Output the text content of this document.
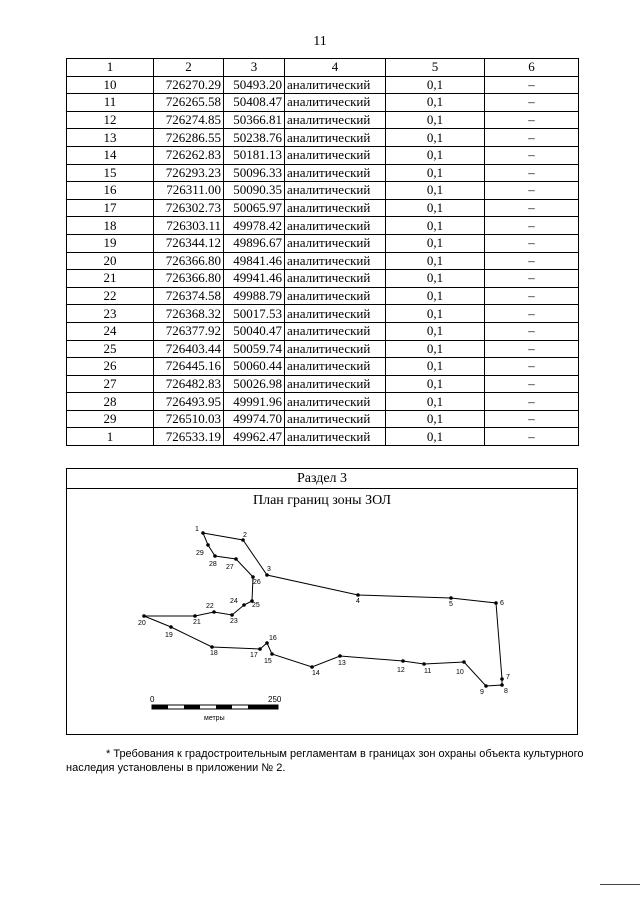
11
1	2	3	4	5	6
10	726270.29	50493.20	аналитический	0,1	–
11	726265.58	50408.47	аналитический	0,1	–
12	726274.85	50366.81	аналитический	0,1	–
13	726286.55	50238.76	аналитический	0,1	–
14	726262.83	50181.13	аналитический	0,1	–
15	726293.23	50096.33	аналитический	0,1	–
16	726311.00	50090.35	аналитический	0,1	–
17	726302.73	50065.97	аналитический	0,1	–
18	726303.11	49978.42	аналитический	0,1	–
19	726344.12	49896.67	аналитический	0,1	–
20	726366.80	49841.46	аналитический	0,1	–
21	726366.80	49941.46	аналитический	0,1	–
22	726374.58	49988.79	аналитический	0,1	–
23	726368.32	50017.53	аналитический	0,1	–
24	726377.92	50040.47	аналитический	0,1	–
25	726403.44	50059.74	аналитический	0,1	–
26	726445.16	50060.44	аналитический	0,1	–
27	726482.83	50026.98	аналитический	0,1	–
28	726493.95	49991.96	аналитический	0,1	–
29	726510.03	49974.70	аналитический	0,1	–
1	726533.19	49962.47	аналитический	0,1	–
Раздел 3
План границ зоны ЗОЛ
1
2
3
4	5	6
7
8
9
10
11
12
13
14
15
16
17
18
19
20	21
22
23
24
25
26
27
28
29
0	250
метры
* Требования к градостроительным регламентам в границах зон охраны объекта культурного наследия установлены в приложении № 2.
